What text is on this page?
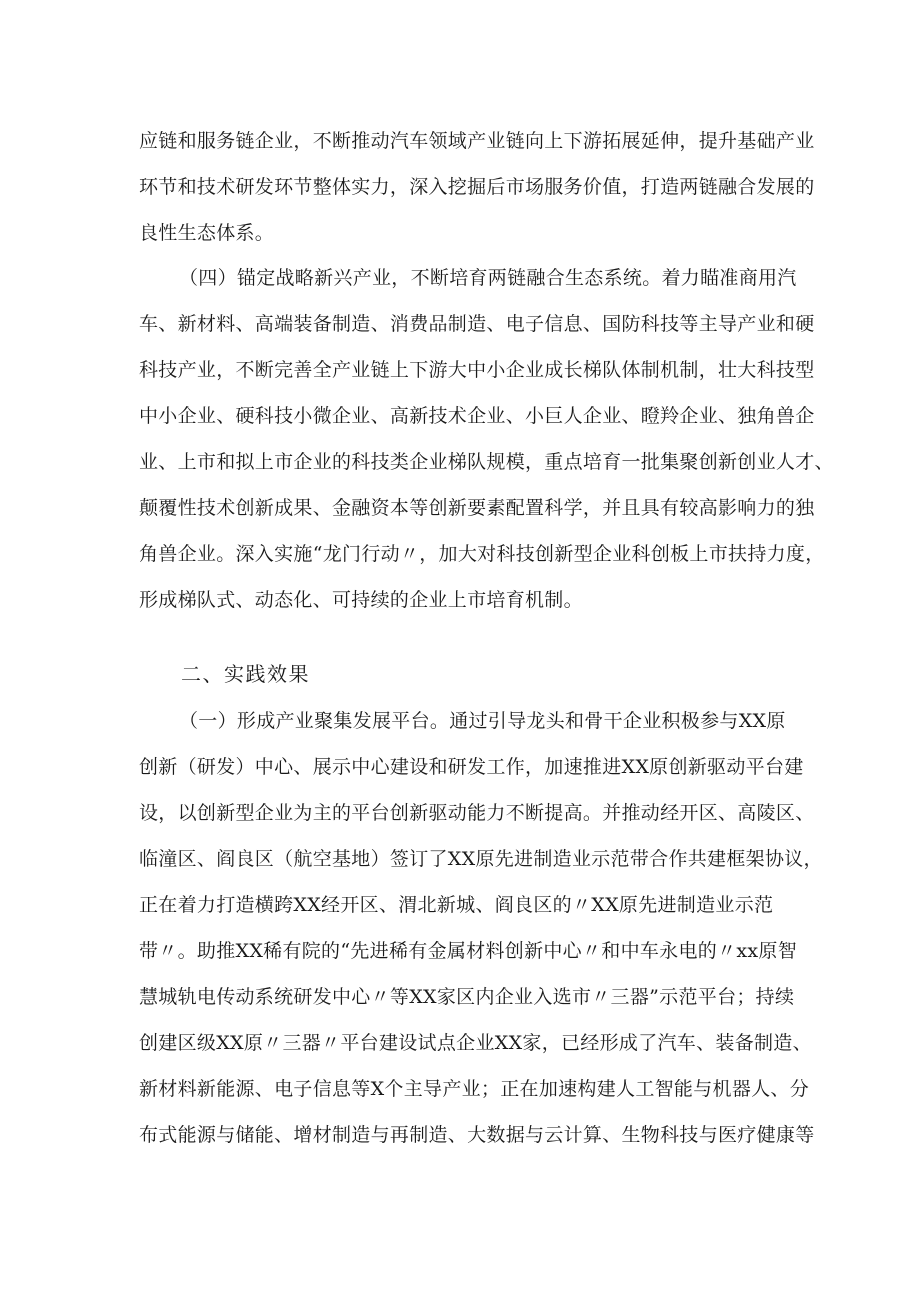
应链和服务链企业，不断推动汽车领域产业链向上下游拓展延伸，提升基础产业
环节和技术研发环节整体实力，深入挖掘后市场服务价值，打造两链融合发展的
良性生态体系。
（四）锚定战略新兴产业，不断培育两链融合生态系统。着力瞄准商用汽
车、新材料、高端装备制造、消费品制造、电子信息、国防科技等主导产业和硬
科技产业，不断完善全产业链上下游大中小企业成长梯队体制机制，壮大科技型
中小企业、硬科技小微企业、高新技术企业、小巨人企业、瞪羚企业、独角兽企
业、上市和拟上市企业的科技类企业梯队规模，重点培育一批集聚创新创业人才、
颠覆性技术创新成果、金融资本等创新要素配置科学，并且具有较高影响力的独
角兽企业。深入实施“龙门行动〃，加大对科技创新型企业科创板上市扶持力度，
形成梯队式、动态化、可持续的企业上市培育机制。
二、实践效果
（一）形成产业聚集发展平台。通过引导龙头和骨干企业积极参与XX原
创新（研发）中心、展示中心建设和研发工作，加速推进XX原创新驱动平台建
设，以创新型企业为主的平台创新驱动能力不断提高。并推动经开区、高陵区、
临潼区、阎良区（航空基地）签订了XX原先进制造业示范带合作共建框架协议，
正在着力打造横跨XX经开区、渭北新城、阎良区的〃XX原先进制造业示范
带〃。助推XX稀有院的“先进稀有金属材料创新中心〃和中车永电的〃xx原智
慧城轨电传动系统研发中心〃等XX家区内企业入选市〃三器”示范平台；持续
创建区级XX原〃三器〃平台建设试点企业XX家，已经形成了汽车、装备制造、
新材料新能源、电子信息等X个主导产业；正在加速构建人工智能与机器人、分
布式能源与储能、增材制造与再制造、大数据与云计算、生物科技与医疗健康等
